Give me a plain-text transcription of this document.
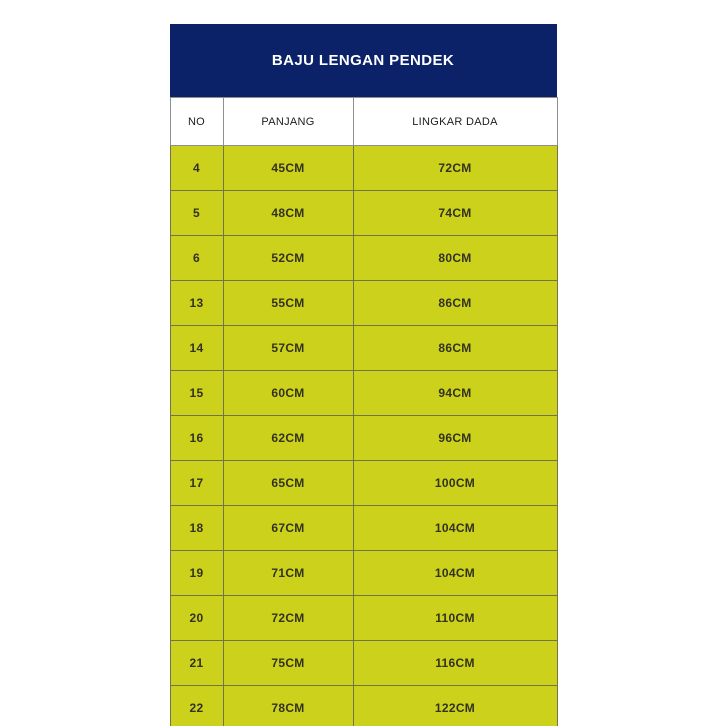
BAJU LENGAN PENDEK
NO	PANJANG	LINGKAR DADA
4	45CM	72CM
5	48CM	74CM
6	52CM	80CM
13	55CM	86CM
14	57CM	86CM
15	60CM	94CM
16	62CM	96CM
17	65CM	100CM
18	67CM	104CM
19	71CM	104CM
20	72CM	110CM
21	75CM	116CM
22	78CM	122CM
